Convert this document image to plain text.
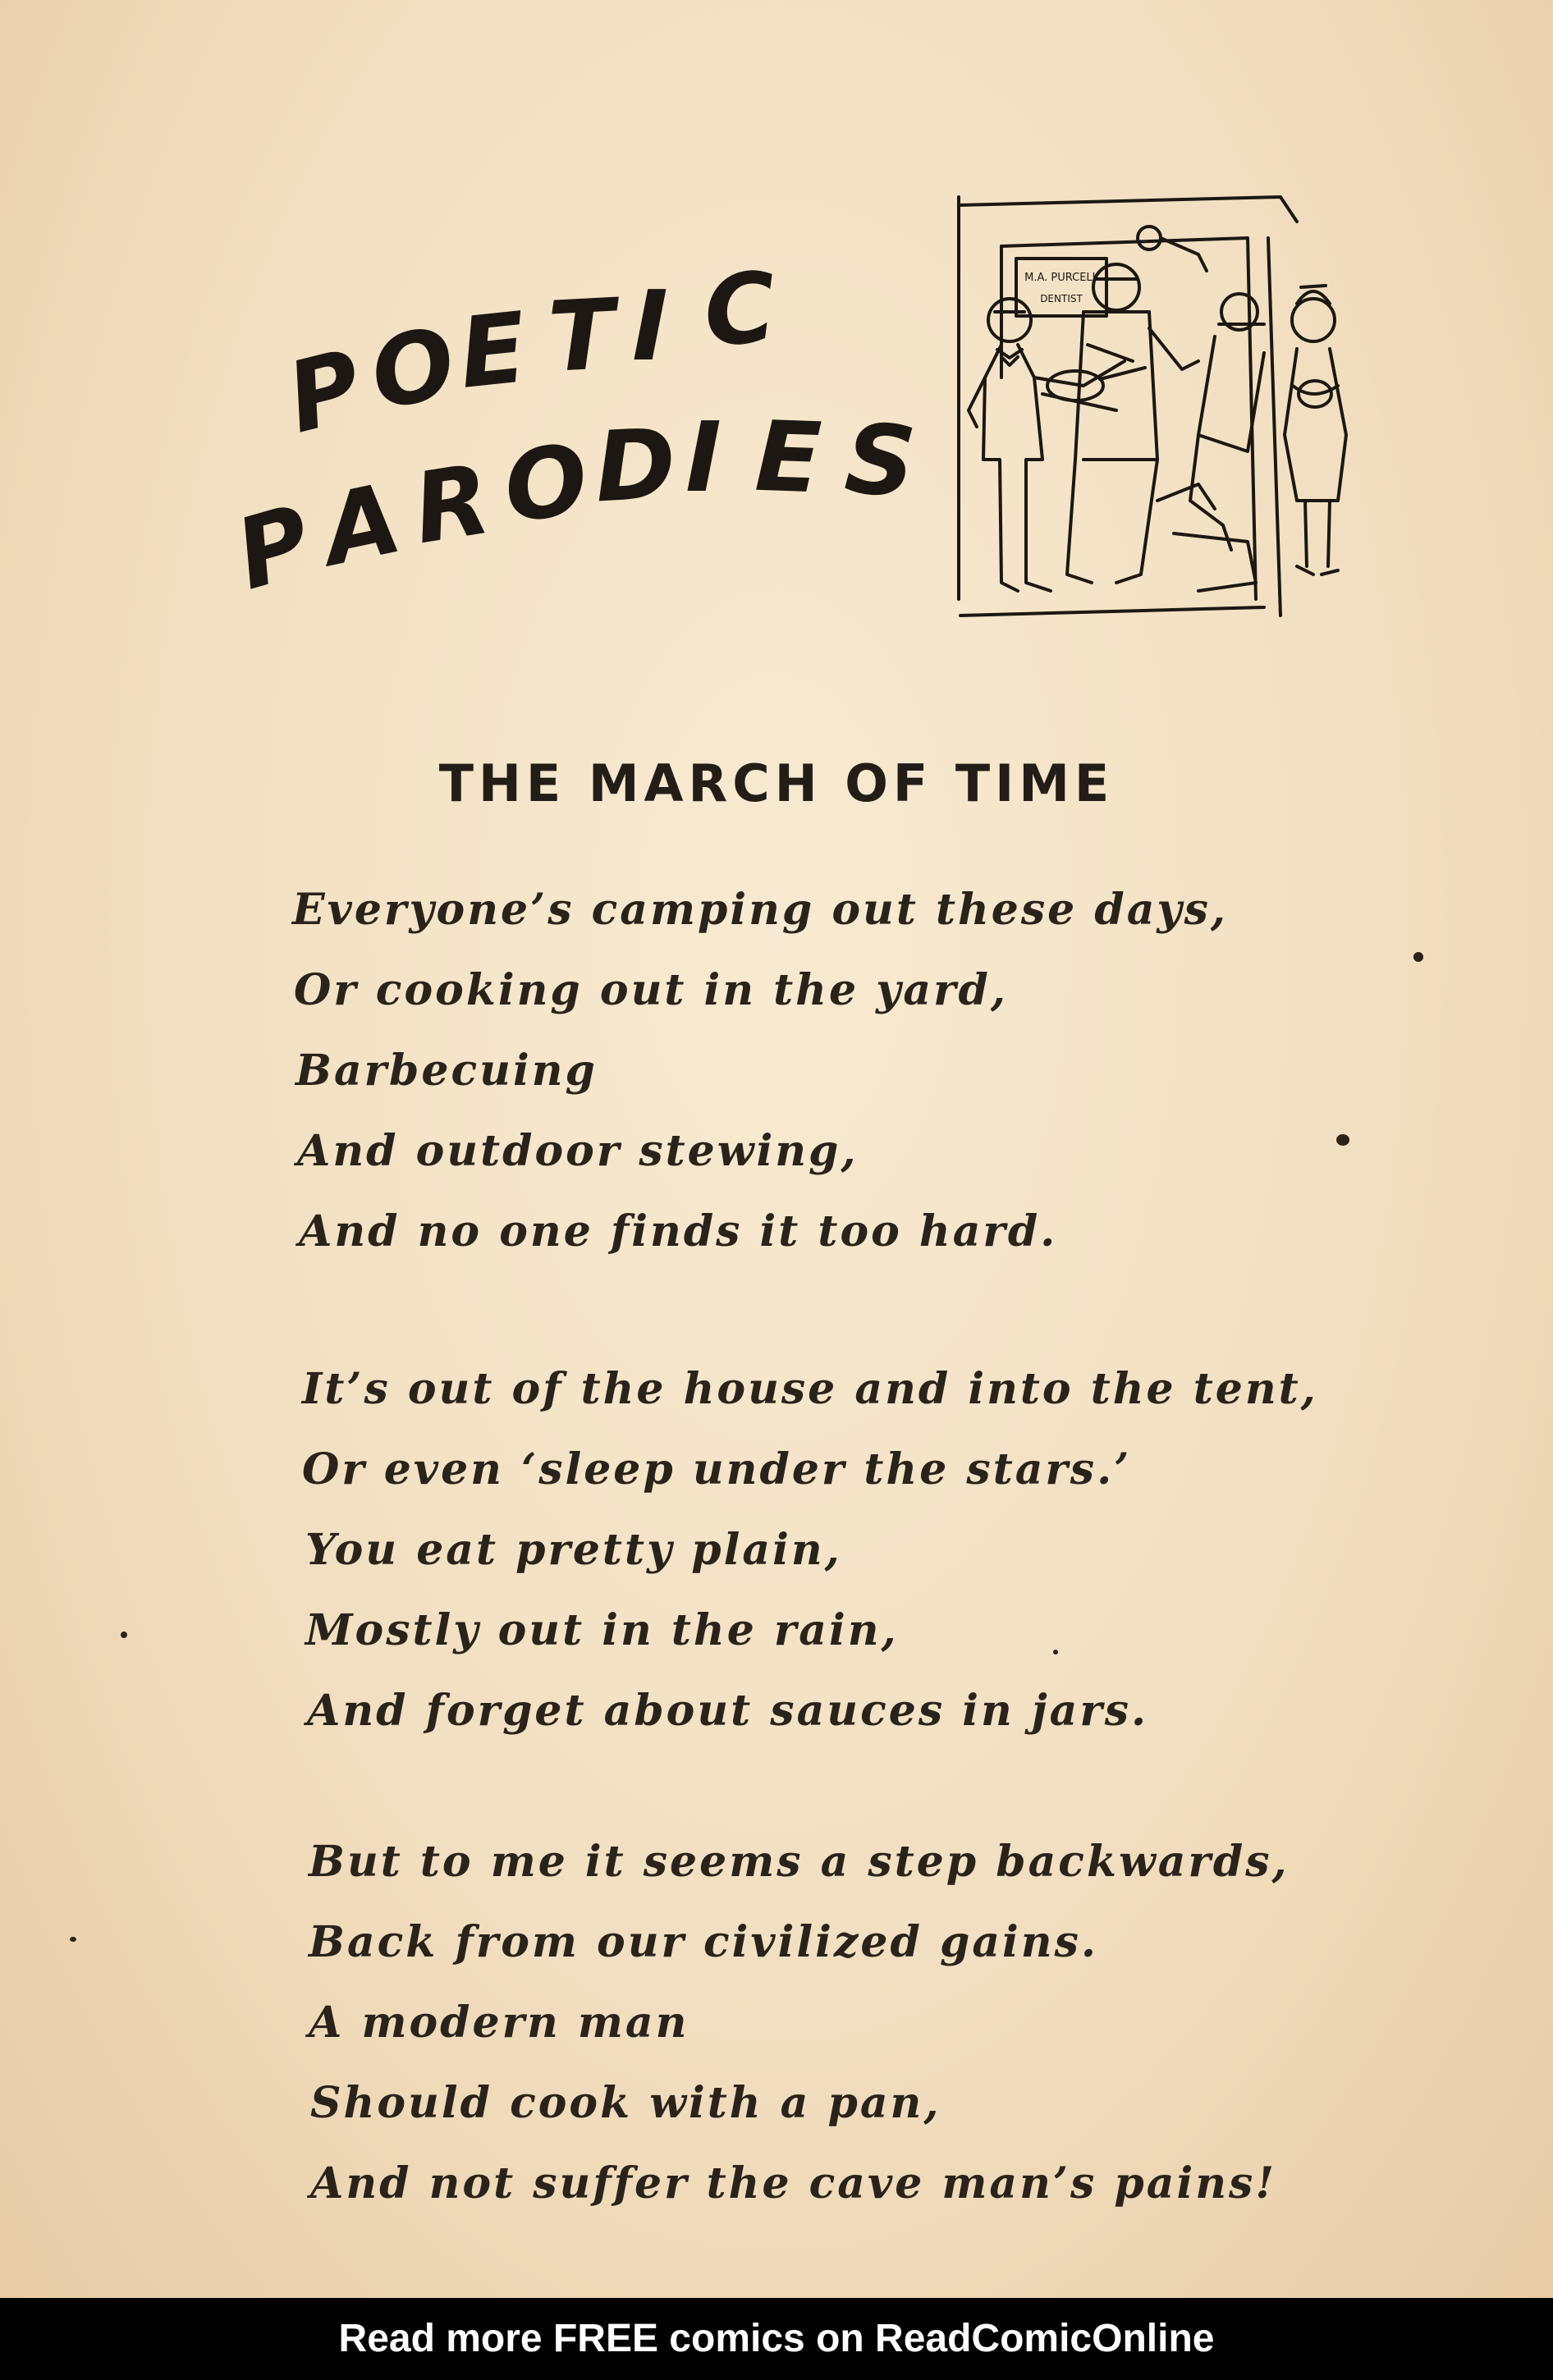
P
O
E T I C
P
A
R O D I E S
M.A. PURCELL
DENTIST
THE MARCH OF TIME
Everyone’s camping out these days,
Or cooking out in the yard,
Barbecuing
And outdoor stewing,
And no one finds it too hard.
It’s out of the house and into the tent,
Or even ‘sleep under the stars.’
You eat pretty plain,
Mostly out in the rain,
And forget about sauces in jars.
But to me it seems a step backwards,
Back from our civilized gains.
A modern man
Should cook with a pan,
And not suffer the cave man’s pains!
Read more FREE comics on ReadComicOnline
